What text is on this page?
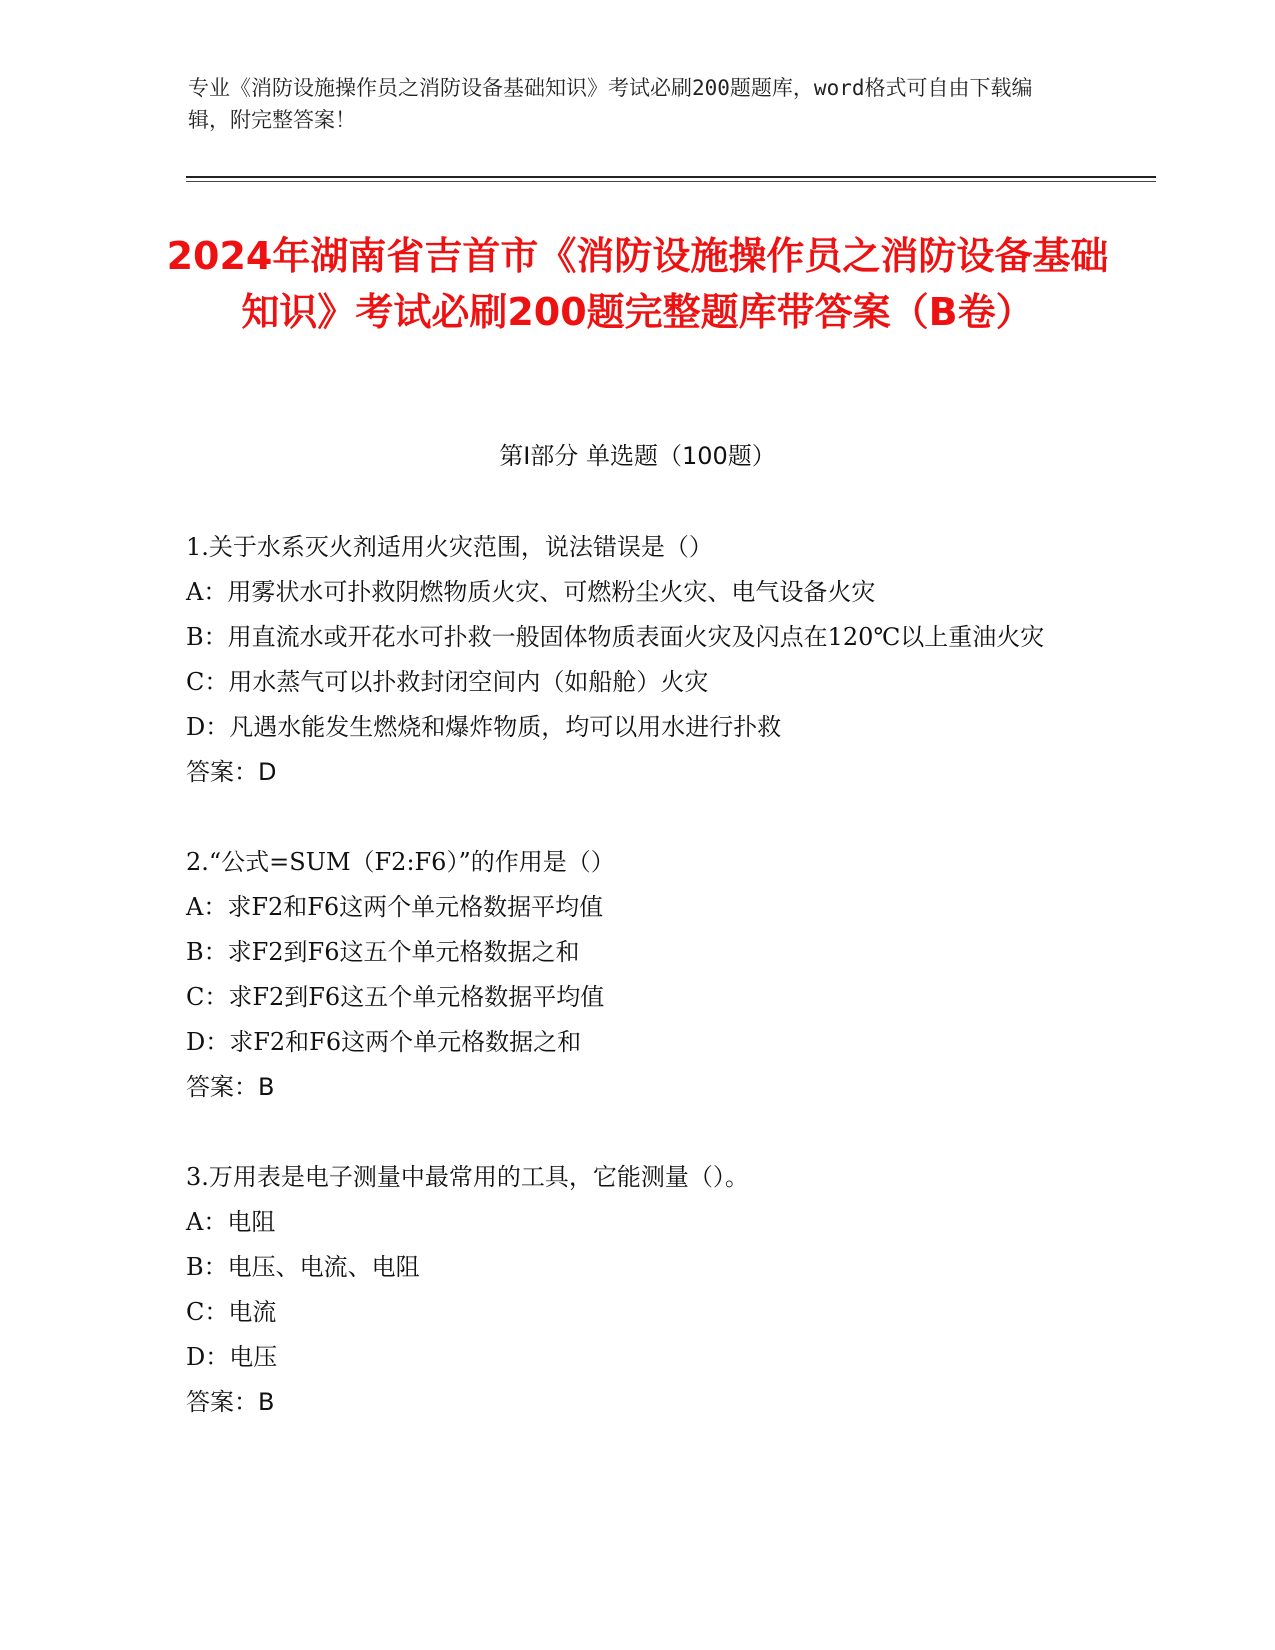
专业《消防设施操作员之消防设备基础知识》考试必刷200题题库，word格式可自由下载编辑，附完整答案！
2024年湖南省吉首市《消防设施操作员之消防设备基础知识》考试必刷200题完整题库带答案（B卷）
第Ⅰ部分 单选题（100题）
1.关于水系灭火剂适用火灾范围，说法错误是（）
A：用雾状水可扑救阴燃物质火灾、可燃粉尘火灾、电气设备火灾
B：用直流水或开花水可扑救一般固体物质表面火灾及闪点在120℃以上重油火灾
C：用水蒸气可以扑救封闭空间内（如船舱）火灾
D：凡遇水能发生燃烧和爆炸物质，均可以用水进行扑救
答案：D
2.“公式=SUM（F2:F6）”的作用是（）
A：求F2和F6这两个单元格数据平均值
B：求F2到F6这五个单元格数据之和
C：求F2到F6这五个单元格数据平均值
D：求F2和F6这两个单元格数据之和
答案：B
3.万用表是电子测量中最常用的工具，它能测量（）。
A：电阻
B：电压、电流、电阻
C：电流
D：电压
答案：B
